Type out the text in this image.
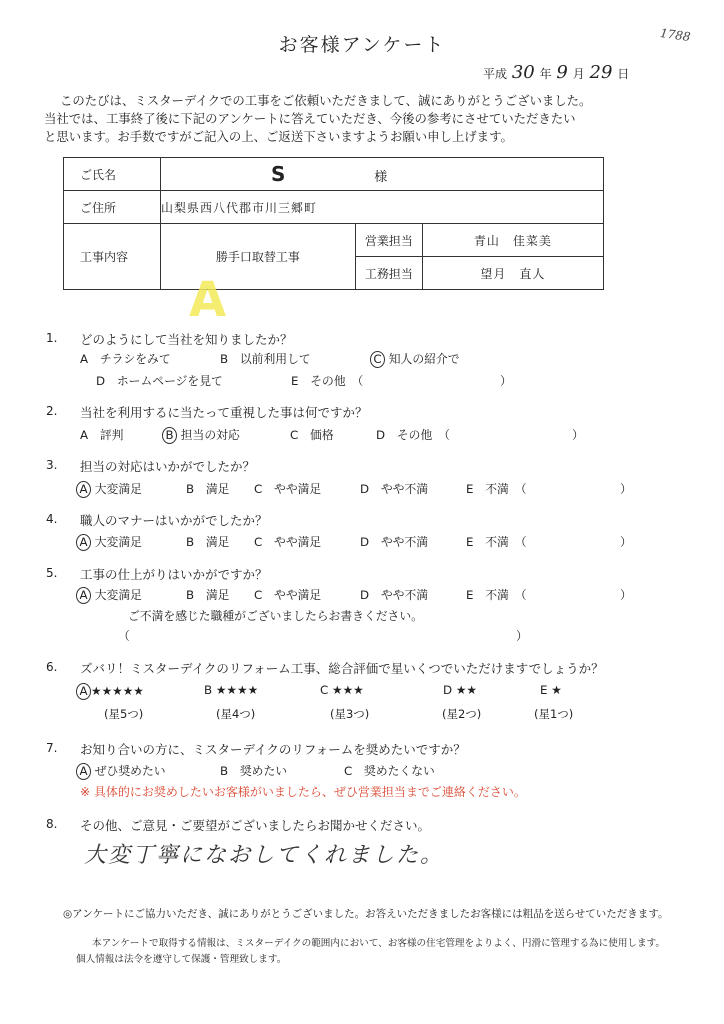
お客様アンケート	1788
平成 30 年 9 月 29 日
このたびは、ミスターデイクでの工事をご依頼いただきまして、誠にありがとうございました。
当社では、工事終了後に下記のアンケートに答えていただき、今後の参考にさせていただきたい
と思います。お手数ですがご記入の上、ご返送下さいますようお願い申し上げます。
ご氏名	S 様		
ご住所	山梨県西八代郡市川三郷町		
工事内容	勝手口取替工事	営業担当	青山　佳菜美
		工務担当	望月　直人
A
1. どのようにして当社を知りましたか？
A　チラシをみて	B　以前利用して	C 知人の紹介で
D　ホームページを見て	E　その他　（	）
2. 当社を利用するに当たって重視した事は何ですか？
A　評判	B 担当の対応	C　価格	D　その他　（	）
3. 担当の対応はいかがでしたか？
A 大変満足	B　満足 C　やや満足	D　やや不満	E　不満　（	）
4. 職人のマナーはいかがでしたか？
A 大変満足	B　満足 C　やや満足	D　やや不満	E　不満　（	）
5. 工事の仕上がりはいかがですか？
A 大変満足	B　満足 C　やや満足	D　やや不満	E　不満　（	）
ご不満を感じた職種がございましたらお書きください。
（	）
6. ズバリ！ミスターデイクのリフォーム工事、総合評価で星いくつでいただけますでしょうか？
A ★★★★★	B ★★★★	C ★★★	D ★★	E ★
(星5つ)	(星4つ)	(星3つ)	(星2つ)	(星1つ)
7. お知り合いの方に、ミスターデイクのリフォームを奨めたいですか？
A ぜひ奨めたい	B　奨めたい	C　奨めたくない
※ 具体的にお奨めしたいお客様がいましたら、ぜひ営業担当までご連絡ください。
8. その他、ご意見・ご要望がございましたらお聞かせください。
大変丁寧になおしてくれました。
◎アンケートにご協力いただき、誠にありがとうございました。お答えいただきましたお客様には粗品を送らせていただきます。
本アンケートで取得する情報は、ミスターデイクの範囲内において、お客様の住宅管理をよりよく、円滑に管理する為に使用します。
個人情報は法令を遵守して保護・管理致します。
